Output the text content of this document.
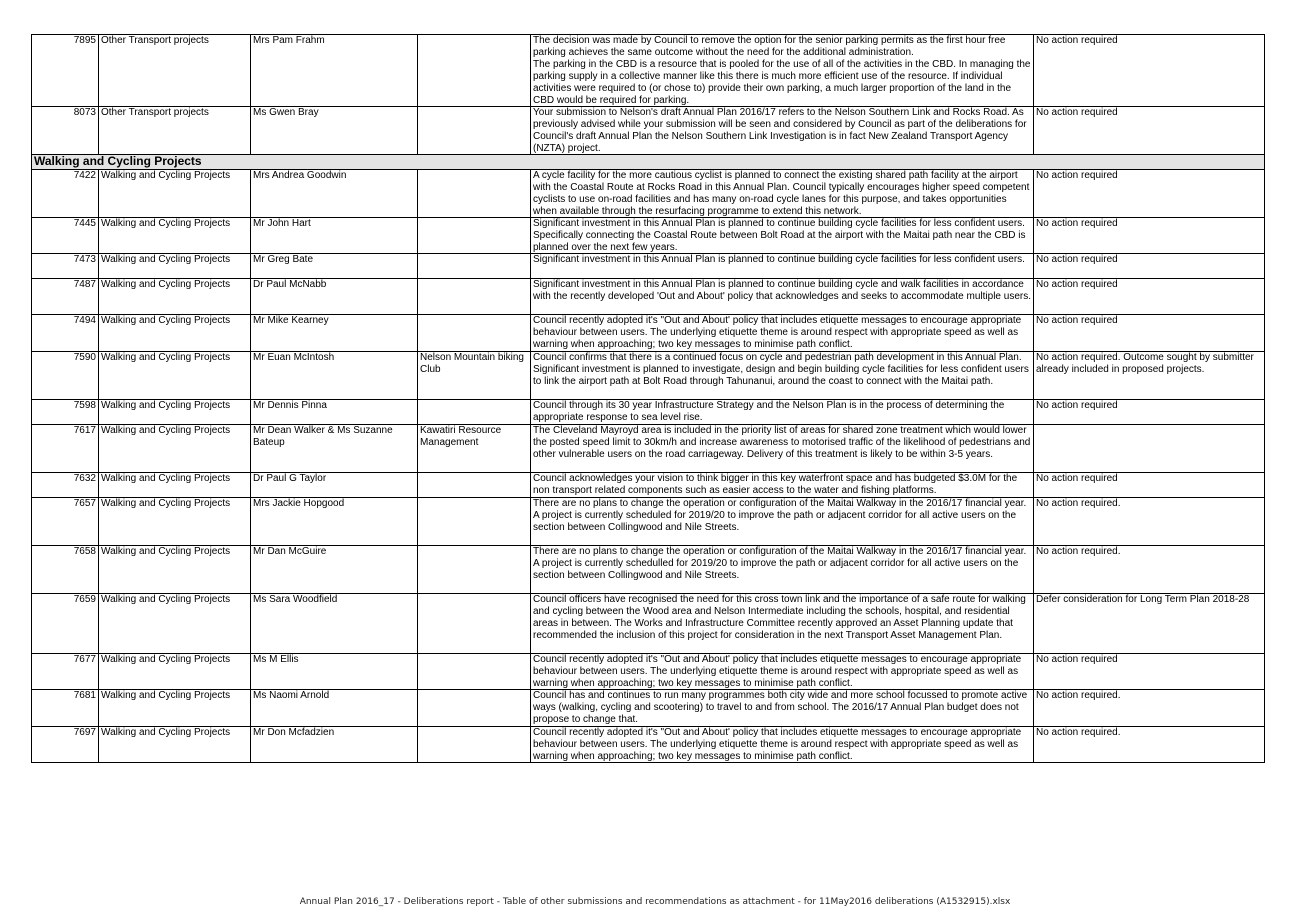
7895	Other Transport projects	Mrs Pam Frahm		The decision was made by Council to remove the option for the senior parking permits as the first hour free parking achieves the same outcome without the need for the additional administration.
The parking in the CBD is a resource that is pooled for the use of all of the activities in the CBD. In managing the parking supply in a collective manner like this there is much more efficient use of the resource. If individual activities were required to (or chose to) provide their own parking, a much larger proportion of the land in the CBD would be required for parking.	No action required

8073	Other Transport projects	Ms Gwen Bray		Your submission to Nelson's draft Annual Plan 2016/17 refers to the Nelson Southern Link and Rocks Road. As previously advised while your submission will be seen and considered by Council as part of the deliberations for Council's draft Annual Plan the Nelson Southern Link Investigation is in fact New Zealand Transport Agency (NZTA) project.	No action required

Walking and Cycling Projects					

7422	Walking and Cycling Projects	Mrs Andrea Goodwin		A cycle facility for the more cautious cyclist is planned to connect the existing shared path facility at the airport with the Coastal Route at Rocks Road in this Annual Plan. Council typically encourages higher speed competent cyclists to use on-road facilities and has many on-road cycle lanes for this purpose, and takes opportunities when available through the resurfacing programme to extend this network.	No action required

7445	Walking and Cycling Projects	Mr John Hart		Significant investment in this Annual Plan is planned to continue building cycle facilities for less confident users. Specifically connecting the Coastal Route between Bolt Road at the airport with the Maitai path near the CBD is planned over the next few years.	No action required

7473	Walking and Cycling Projects	Mr Greg Bate		Significant investment in this Annual Plan is planned to continue building cycle facilities for less confident users.	No action required

7487	Walking and Cycling Projects	Dr Paul McNabb		Significant investment in this Annual Plan is planned to continue building cycle and walk facilities in accordance with the recently developed 'Out and About' policy that acknowledges and seeks to accommodate multiple users.	No action required

7494	Walking and Cycling Projects	Mr Mike Kearney		Council recently adopted it's "Out and About' policy that includes etiquette messages to encourage appropriate behaviour between users. The underlying etiquette theme is around respect with appropriate speed as well as warning when approaching; two key messages to minimise path conflict.	No action required

7590	Walking and Cycling Projects	Mr Euan McIntosh	Nelson Mountain biking Club	Council confirms that there is a continued focus on cycle and pedestrian path development in this Annual Plan. Significant investment is planned to investigate, design and begin building cycle facilities for less confident users to link the airport path at Bolt Road through Tahunanui, around the coast to connect with the Maitai path.	No action required. Outcome sought by submitter already included in proposed projects.

7598	Walking and Cycling Projects	Mr Dennis Pinna		Council through its 30 year Infrastructure Strategy and the Nelson Plan is in the process of determining the appropriate response to sea level rise.	No action required

7617	Walking and Cycling Projects	Mr Dean Walker & Ms Suzanne Bateup	Kawatiri Resource Management	The Cleveland Mayroyd area is included in the priority list of areas for shared zone treatment which would lower the posted speed limit to 30km/h and increase awareness to motorised traffic of the likelihood of pedestrians and other vulnerable users on the road carriageway. Delivery of this treatment is likely to be within 3-5 years.	

7632	Walking and Cycling Projects	Dr Paul G Taylor		Council acknowledges your vision to think bigger in this key waterfront space and has budgeted $3.0M for the non transport related components such as easier access to the water and fishing platforms.	No action required

7657	Walking and Cycling Projects	Mrs Jackie Hopgood		There are no plans to change the operation or configuration of the Maitai Walkway in the 2016/17 financial year. A project is currently scheduled for 2019/20 to improve the path or adjacent corridor for all active users on the section between Collingwood and Nile Streets.	No action required.

7658	Walking and Cycling Projects	Mr Dan McGuire		There are no plans to change the operation or configuration of the Maitai Walkway in the 2016/17 financial year. A project is currently schedulled for 2019/20 to improve the path or adjacent corridor for all active users on the section between Collingwood and Nile Streets.	No action required.

7659	Walking and Cycling Projects	Ms Sara Woodfield		Council officers have recognised the need for this cross town link and the importance of a safe route for walking and cycling between the Wood area and Nelson Intermediate including the schools, hospital, and residential areas in between. The Works and Infrastructure Committee recently approved an Asset Planning update that recommended the inclusion of this project for consideration in the next Transport Asset Management Plan.	Defer consideration for Long Term Plan 2018-28

7677	Walking and Cycling Projects	Ms M Ellis		Council recently adopted it's "Out and About' policy that includes etiquette messages to encourage appropriate behaviour between users. The underlying etiquette theme is around respect with appropriate speed as well as warning when approaching; two key messages to minimise path conflict.	No action required

7681	Walking and Cycling Projects	Ms Naomi Arnold		Council has and continues to run many programmes both city wide and more school focussed to promote active ways (walking, cycling and scootering) to travel to and from school. The 2016/17 Annual Plan budget does not propose to change that.	No action required.

7697	Walking and Cycling Projects	Mr Don Mcfadzien		Council recently adopted it's "Out and About' policy that includes etiquette messages to encourage appropriate behaviour between users. The underlying etiquette theme is around respect with appropriate speed as well as warning when approaching; two key messages to minimise path conflict.	No action required.
Annual Plan 2016_17 - Deliberations report - Table of other submissions and recommendations as attachment - for 11May2016 deliberations (A1532915).xlsx
